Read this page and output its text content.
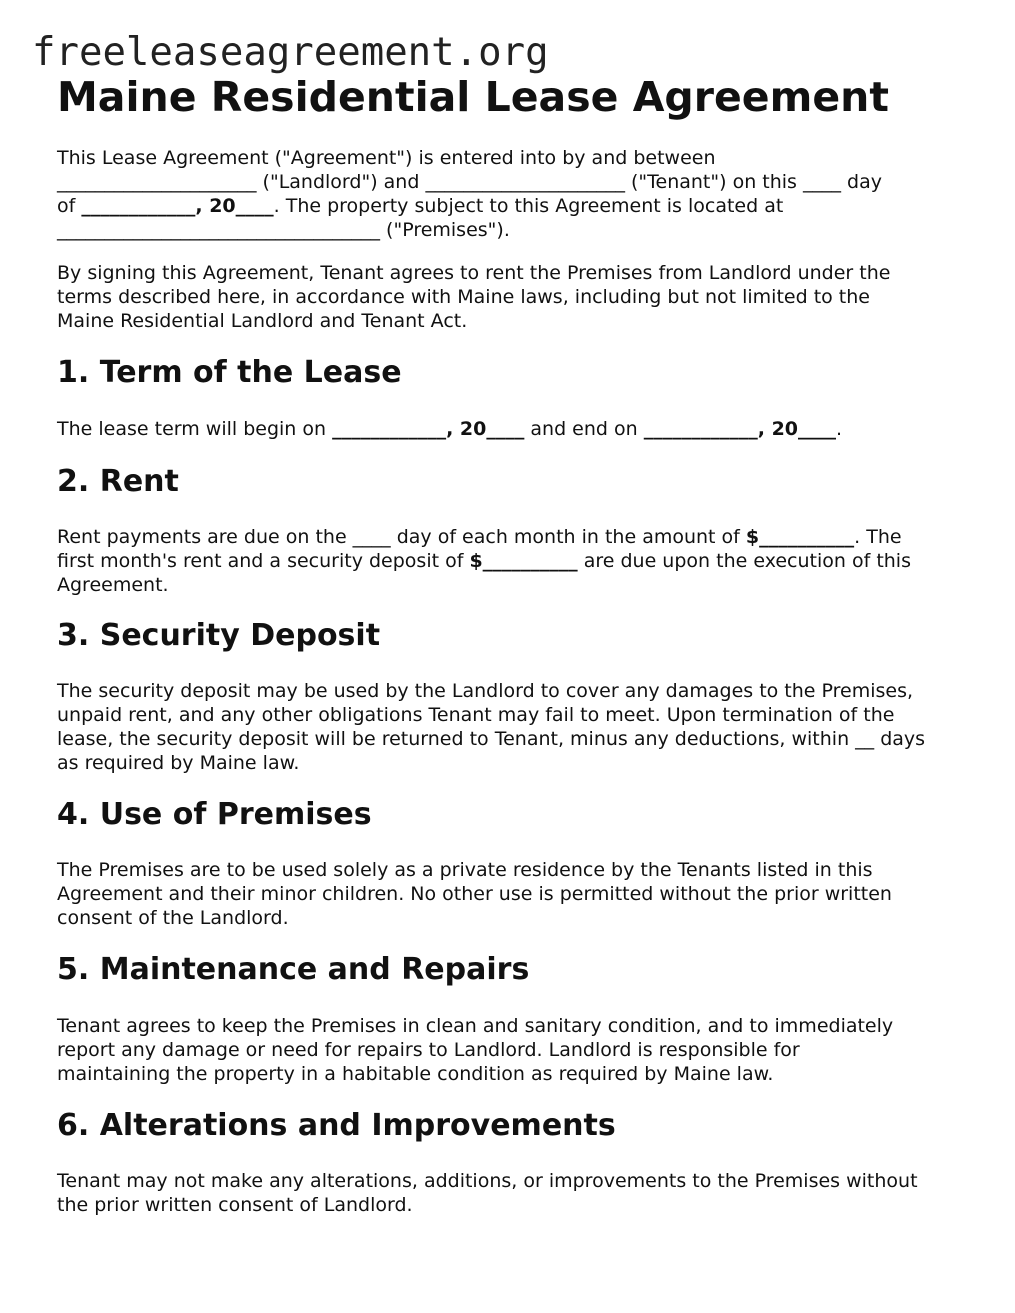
freeleaseagreement.org
Maine Residential Lease Agreement

This Lease Agreement ("Agreement") is entered into by and between
_____________________ ("Landlord") and _____________________ ("Tenant") on this ____ day
of ____________, 20____. The property subject to this Agreement is located at
__________________________________ ("Premises").

By signing this Agreement, Tenant agrees to rent the Premises from Landlord under the
terms described here, in accordance with Maine laws, including but not limited to the
Maine Residential Landlord and Tenant Act.

1. Term of the Lease

The lease term will begin on ____________, 20____ and end on ____________, 20____.

2. Rent

Rent payments are due on the ____ day of each month in the amount of $__________. The
first month's rent and a security deposit of $__________ are due upon the execution of this
Agreement.

3. Security Deposit

The security deposit may be used by the Landlord to cover any damages to the Premises,
unpaid rent, and any other obligations Tenant may fail to meet. Upon termination of the
lease, the security deposit will be returned to Tenant, minus any deductions, within __ days
as required by Maine law.

4. Use of Premises

The Premises are to be used solely as a private residence by the Tenants listed in this
Agreement and their minor children. No other use is permitted without the prior written
consent of the Landlord.

5. Maintenance and Repairs

Tenant agrees to keep the Premises in clean and sanitary condition, and to immediately
report any damage or need for repairs to Landlord. Landlord is responsible for
maintaining the property in a habitable condition as required by Maine law.

6. Alterations and Improvements

Tenant may not make any alterations, additions, or improvements to the Premises without
the prior written consent of Landlord.
